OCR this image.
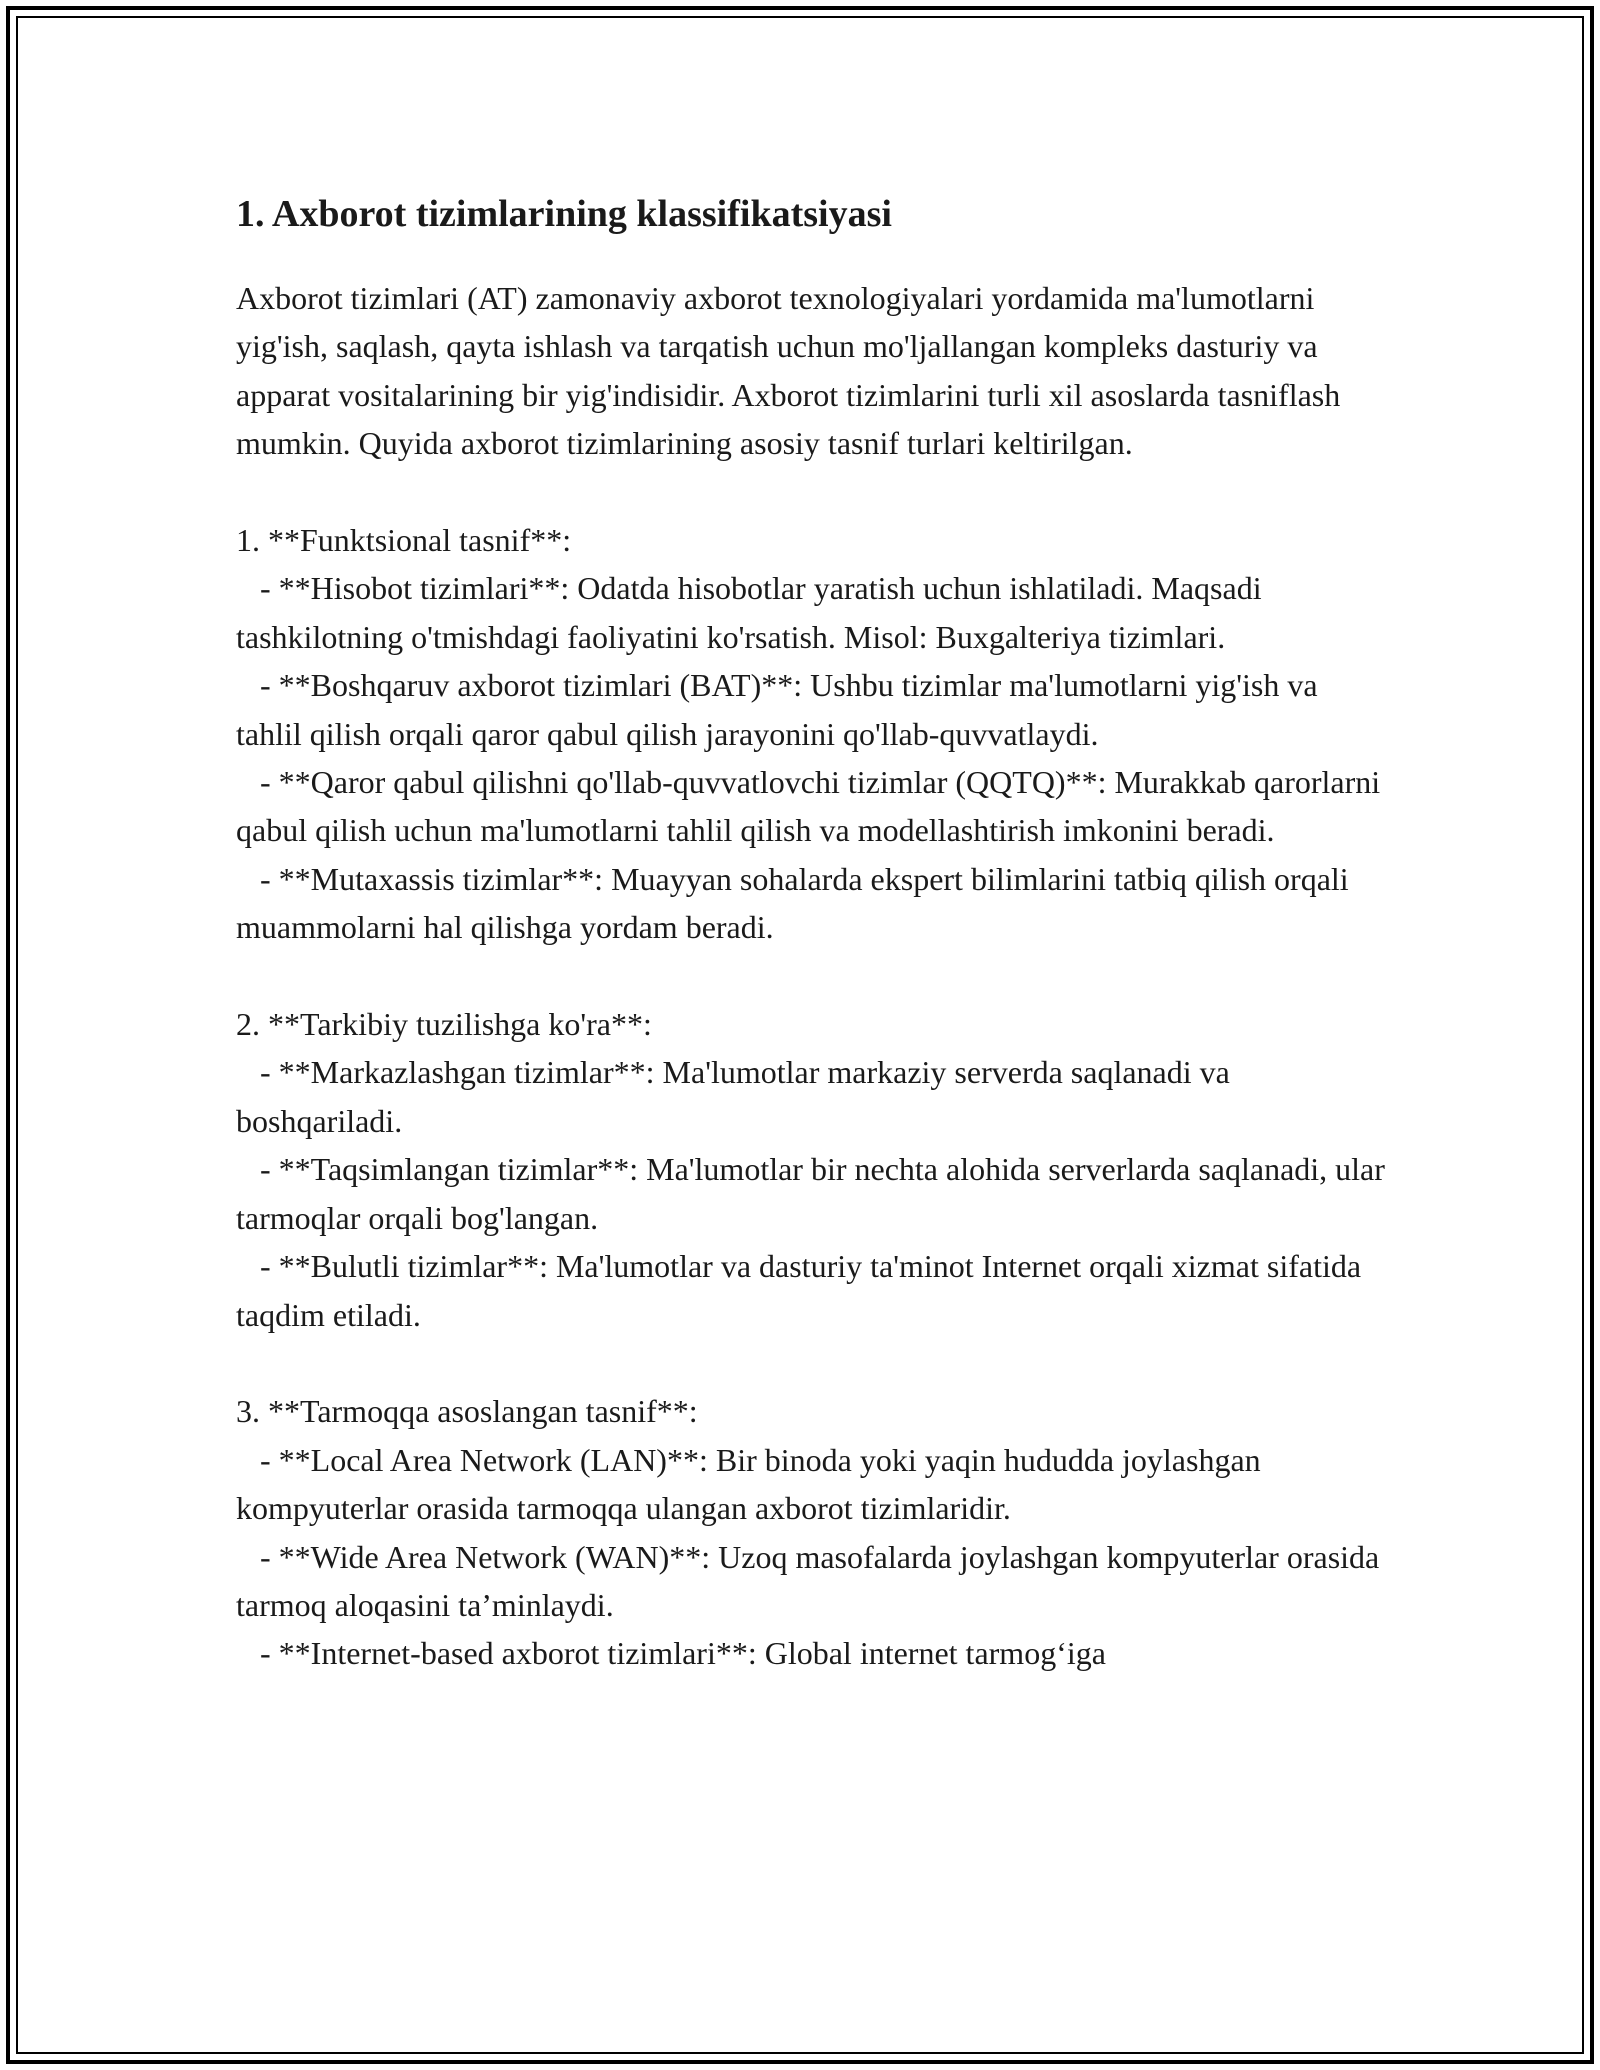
1. Axborot tizimlarining klassifikatsiyasi

Axborot tizimlari (AT) zamonaviy axborot texnologiyalari yordamida ma'lumotlarni yig'ish, saqlash, qayta ishlash va tarqatish uchun mo'ljallangan kompleks dasturiy va apparat vositalarining bir yig'indisidir. Axborot tizimlarini turli xil asoslarda tasniflash mumkin. Quyida axborot tizimlarining asosiy tasnif turlari keltirilgan.

1. **Funktsional tasnif**:

- **Hisobot tizimlari**: Odatda hisobotlar yaratish uchun ishlatiladi. Maqsadi tashkilotning o'tmishdagi faoliyatini ko'rsatish. Misol: Buxgalteriya tizimlari.

- **Boshqaruv axborot tizimlari (BAT)**: Ushbu tizimlar ma'lumotlarni yig'ish va tahlil qilish orqali qaror qabul qilish jarayonini qo'llab-quvvatlaydi.

- **Qaror qabul qilishni qo'llab-quvvatlovchi tizimlar (QQTQ)**: Murakkab qarorlarni qabul qilish uchun ma'lumotlarni tahlil qilish va modellashtirish imkonini beradi.

- **Mutaxassis tizimlar**: Muayyan sohalarda ekspert bilimlarini tatbiq qilish orqali muammolarni hal qilishga yordam beradi.

2. **Tarkibiy tuzilishga ko'ra**:

- **Markazlashgan tizimlar**: Ma'lumotlar markaziy serverda saqlanadi va boshqariladi.

- **Taqsimlangan tizimlar**: Ma'lumotlar bir nechta alohida serverlarda saqlanadi, ular tarmoqlar orqali bog'langan.

- **Bulutli tizimlar**: Ma'lumotlar va dasturiy ta'minot Internet orqali xizmat sifatida taqdim etiladi.

3. **Tarmoqqa asoslangan tasnif**:

- **Local Area Network (LAN)**: Bir binoda yoki yaqin hududda joylashgan kompyuterlar orasida tarmoqqa ulangan axborot tizimlaridir.

- **Wide Area Network (WAN)**: Uzoq masofalarda joylashgan kompyuterlar orasida tarmoq aloqasini ta’minlaydi.

- **Internet-based axborot tizimlari**: Global internet tarmog‘iga
